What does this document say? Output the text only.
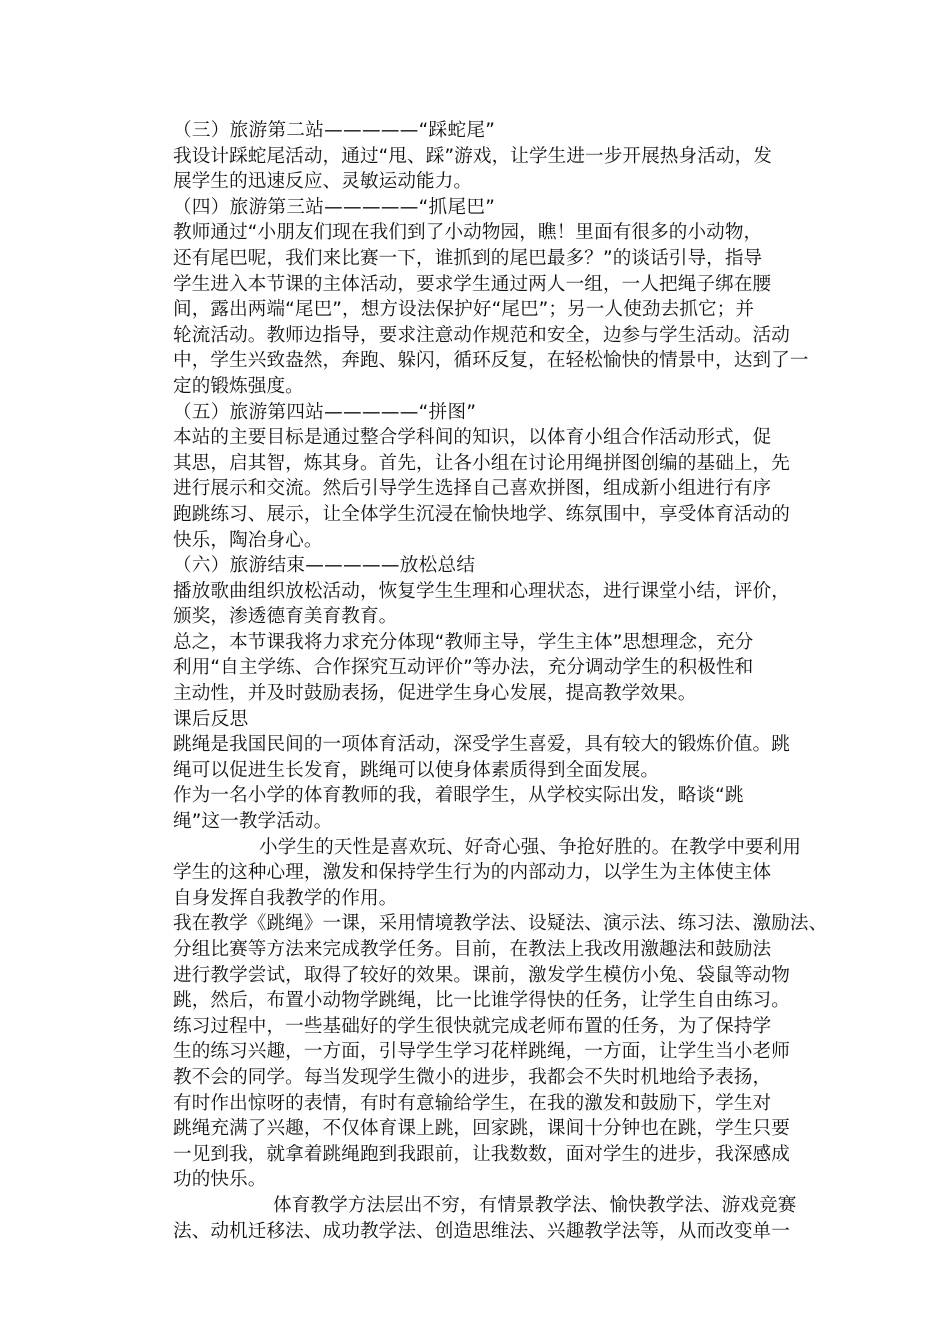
（三）旅游第二站—————“踩蛇尾”
我设计踩蛇尾活动，通过“甩、踩”游戏，让学生进一步开展热身活动，发
展学生的迅速反应、灵敏运动能力。
（四）旅游第三站—————“抓尾巴”
教师通过“小朋友们现在我们到了小动物园，瞧！里面有很多的小动物，
还有尾巴呢，我们来比赛一下，谁抓到的尾巴最多？”的谈话引导，指导
学生进入本节课的主体活动，要求学生通过两人一组，一人把绳子绑在腰
间，露出两端“尾巴”，想方设法保护好“尾巴”；另一人使劲去抓它；并
轮流活动。教师边指导，要求注意动作规范和安全，边参与学生活动。活动
中，学生兴致盎然，奔跑、躲闪，循环反复，在轻松愉快的情景中，达到了一
定的锻炼强度。
（五）旅游第四站—————“拼图”
本站的主要目标是通过整合学科间的知识，以体育小组合作活动形式，促
其思，启其智，炼其身。首先，让各小组在讨论用绳拼图创编的基础上，先
进行展示和交流。然后引导学生选择自己喜欢拼图，组成新小组进行有序
跑跳练习、展示，让全体学生沉浸在愉快地学、练氛围中，享受体育活动的
快乐，陶冶身心。
（六）旅游结束—————放松总结
播放歌曲组织放松活动，恢复学生生理和心理状态，进行课堂小结，评价，
颁奖，渗透德育美育教育。
总之，本节课我将力求充分体现“教师主导，学生主体”思想理念，充分
利用“自主学练、合作探究互动评价”等办法，充分调动学生的积极性和
主动性，并及时鼓励表扬，促进学生身心发展，提高教学效果。
课后反思
跳绳是我国民间的一项体育活动，深受学生喜爱，具有较大的锻炼价值。跳
绳可以促进生长发育，跳绳可以使身体素质得到全面发展。
作为一名小学的体育教师的我，着眼学生，从学校实际出发，略谈“跳
绳”这一教学活动。
小学生的天性是喜欢玩、好奇心强、争抢好胜的。在教学中要利用
学生的这种心理，激发和保持学生行为的内部动力，以学生为主体使主体
自身发挥自我教学的作用。
我在教学《跳绳》一课，采用情境教学法、设疑法、演示法、练习法、激励法、
分组比赛等方法来完成教学任务。目前，在教法上我改用激趣法和鼓励法
进行教学尝试，取得了较好的效果。课前，激发学生模仿小兔、袋鼠等动物
跳，然后，布置小动物学跳绳，比一比谁学得快的任务，让学生自由练习。
练习过程中，一些基础好的学生很快就完成老师布置的任务，为了保持学
生的练习兴趣，一方面，引导学生学习花样跳绳，一方面，让学生当小老师
教不会的同学。每当发现学生微小的进步，我都会不失时机地给予表扬，
有时作出惊呀的表情，有时有意输给学生，在我的激发和鼓励下，学生对
跳绳充满了兴趣，不仅体育课上跳，回家跳，课间十分钟也在跳，学生只要
一见到我，就拿着跳绳跑到我跟前，让我数数，面对学生的进步，我深感成
功的快乐。
体育教学方法层出不穷，有情景教学法、愉快教学法、游戏竞赛
法、动机迁移法、成功教学法、创造思维法、兴趣教学法等，从而改变单一
